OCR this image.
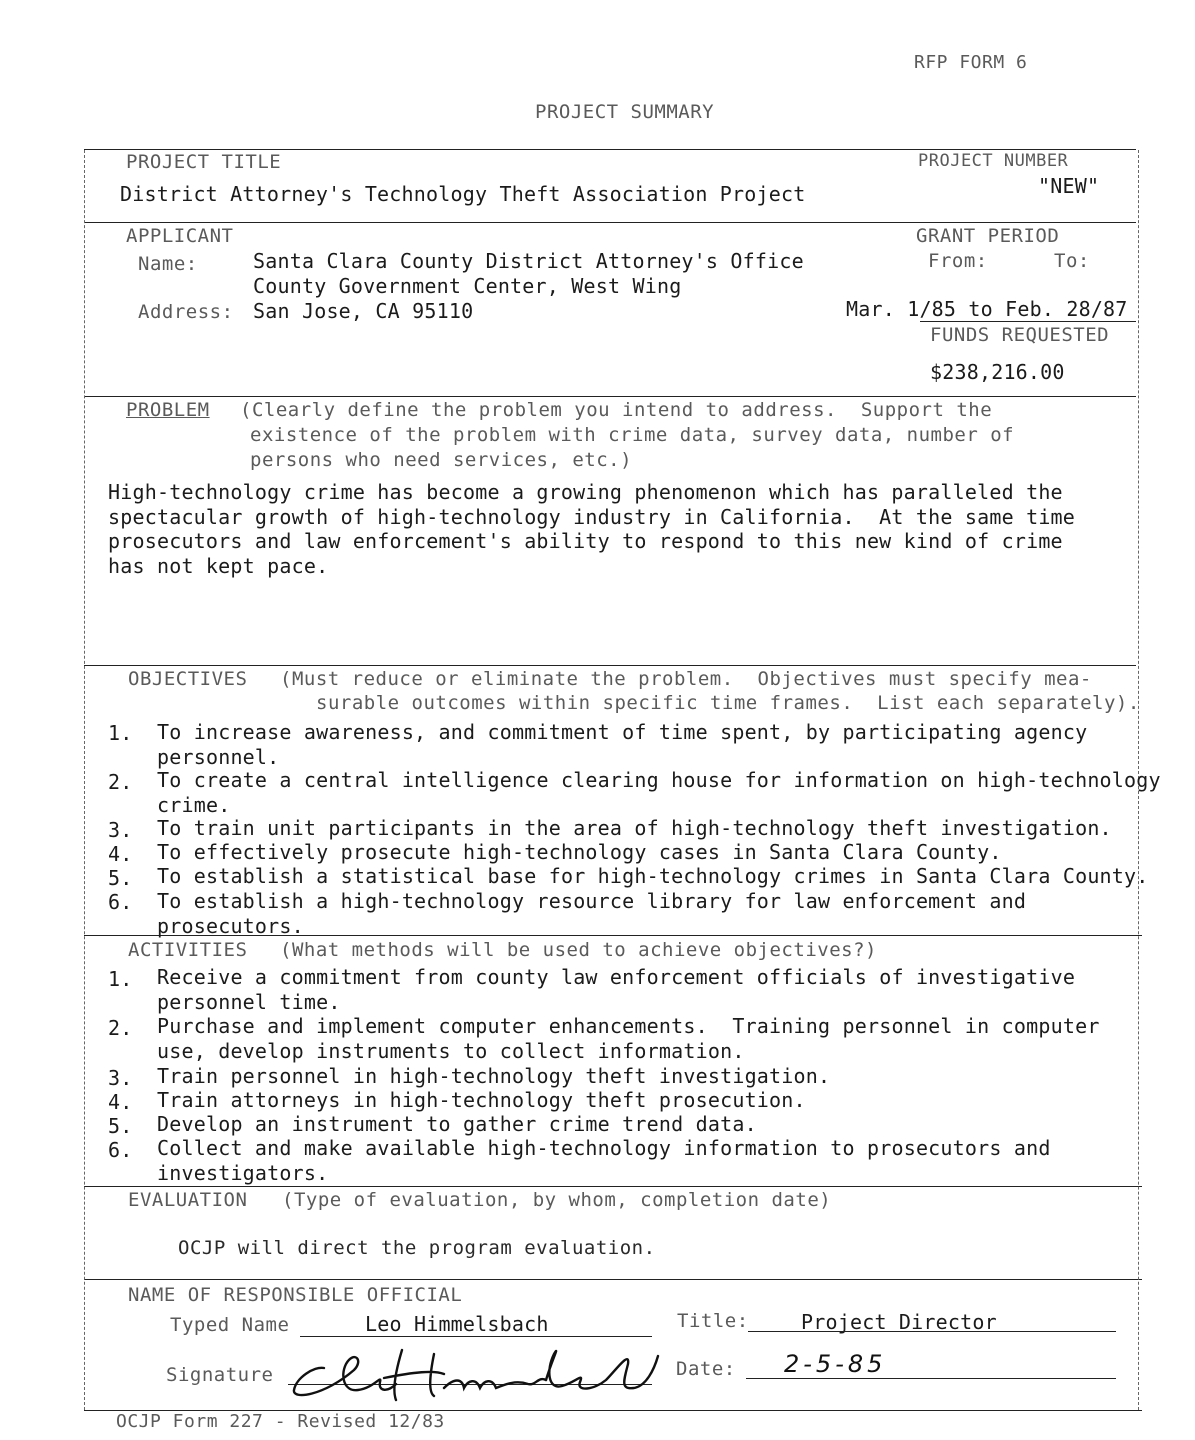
RFP FORM 6
PROJECT SUMMARY
PROJECT TITLE
District Attorney's Technology Theft Association Project
PROJECT NUMBER
"NEW"
APPLICANT
Name:	Santa Clara County District Attorney's Office
County Government Center, West Wing
Address: San Jose, CA 95110
GRANT PERIOD
From:	To:
Mar. 1/85 to Feb. 28/87
FUNDS REQUESTED
$238,216.00
PROBLEM (Clearly define the problem you intend to address.  Support the
existence of the problem with crime data, survey data, number of
persons who need services, etc.)
High-technology crime has become a growing phenomenon which has paralleled the
spectacular growth of high-technology industry in California.  At the same time
prosecutors and law enforcement's ability to respond to this new kind of crime
has not kept pace.
OBJECTIVES (Must reduce or eliminate the problem.  Objectives must specify mea-
surable outcomes within specific time frames.  List each separately).
1. To increase awareness, and commitment of time spent, by participating agency
personnel.
2. To create a central intelligence clearing house for information on high-technology
crime.
3. To train unit participants in the area of high-technology theft investigation.
4. To effectively prosecute high-technology cases in Santa Clara County.
5. To establish a statistical base for high-technology crimes in Santa Clara County.
6. To establish a high-technology resource library for law enforcement and
prosecutors.
ACTIVITIES (What methods will be used to achieve objectives?)
1. Receive a commitment from county law enforcement officials of investigative
personnel time.
2. Purchase and implement computer enhancements.  Training personnel in computer
use, develop instruments to collect information.
3. Train personnel in high-technology theft investigation.
4. Train attorneys in high-technology theft prosecution.
5. Develop an instrument to gather crime trend data.
6. Collect and make available high-technology information to prosecutors and
investigators.
EVALUATION (Type of evaluation, by whom, completion date)
OCJP will direct the program evaluation.
NAME OF RESPONSIBLE OFFICIAL
Typed Name	Leo Himmelsbach	Title:	Project Director
Signature	Date: 2-5-85
OCJP Form 227 - Revised 12/83
